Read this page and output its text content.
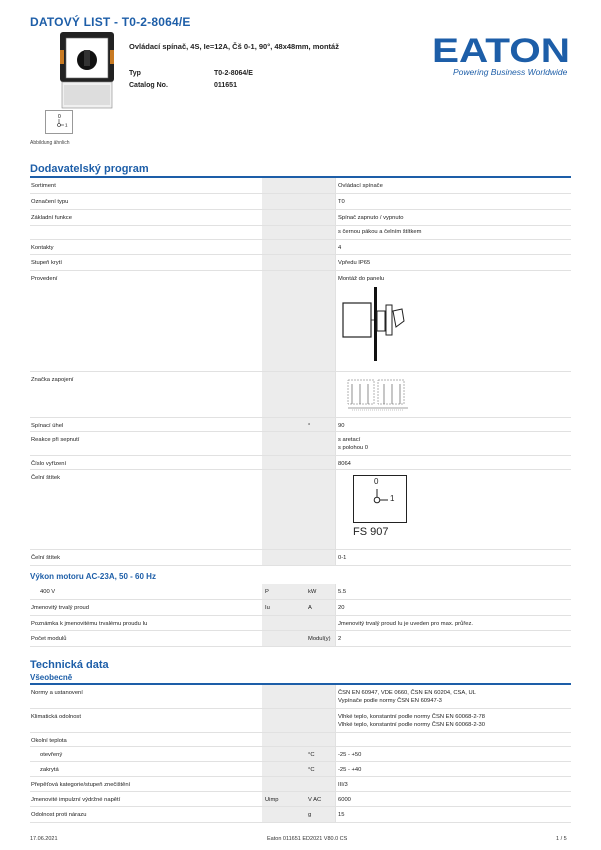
DATOVÝ LIST - T0-2-8064/E
0
1
Abbildung ähnlich
Ovládací spínač, 4S, Ie=12A, Čš 0-1, 90°, 48x48mm, montáž
Typ	T0-2-8064/E
Catalog No.	011651
EATON
Powering Business Worldwide
Dodavatelský program
Sortiment	Ovládací spínače
Označení typu	T0
Základní funkce	Spínač zapnuto / vypnuto
s černou pákou a čelním štítkem
Kontakty	4
Stupeň krytí	Vpředu IP65
Provedení	Montáž do panelu
Značka zapojení
Spínací úhel	°	90
Reakce při sepnutí	s aretací
s polohou 0
Číslo vyřízení	8064
Čelní štítek	0
1
FS 907
Čelní štítek	0-1
Výkon motoru AC-23A, 50 - 60 Hz
400 V	P	kW	5.5
Jmenovitý trvalý proud	Iu	A	20
Poznámka k jmenovitému trvalému proudu Iu	Jmenovitý trvalý proud Iu je uveden pro max. průřez.
Počet modulů	Modul(y)	2
Technická data
Všeobecně
Normy a ustanovení	ČSN EN 60947, VDE 0660, ČSN EN 60204, CSA, UL
Vypínače podle normy ČSN EN 60947-3
Klimatická odolnost	Vlhké teplo, konstantní podle normy ČSN EN 60068-2-78
Vlhké teplo, konstantní podle normy ČSN EN 60068-2-30
Okolní teplota
otevřený	°C	-25 - +50
zakrytá	°C	-25 - +40
Přepěťová kategorie/stupeň znečištění	III/3
Jmenovité impulzní výdržné napětí	Uimp	V AC	6000
Odolnost proti nárazu	g	15
17.06.2021	Eaton 011651 ED2021 V80.0 CS	1 / 5
